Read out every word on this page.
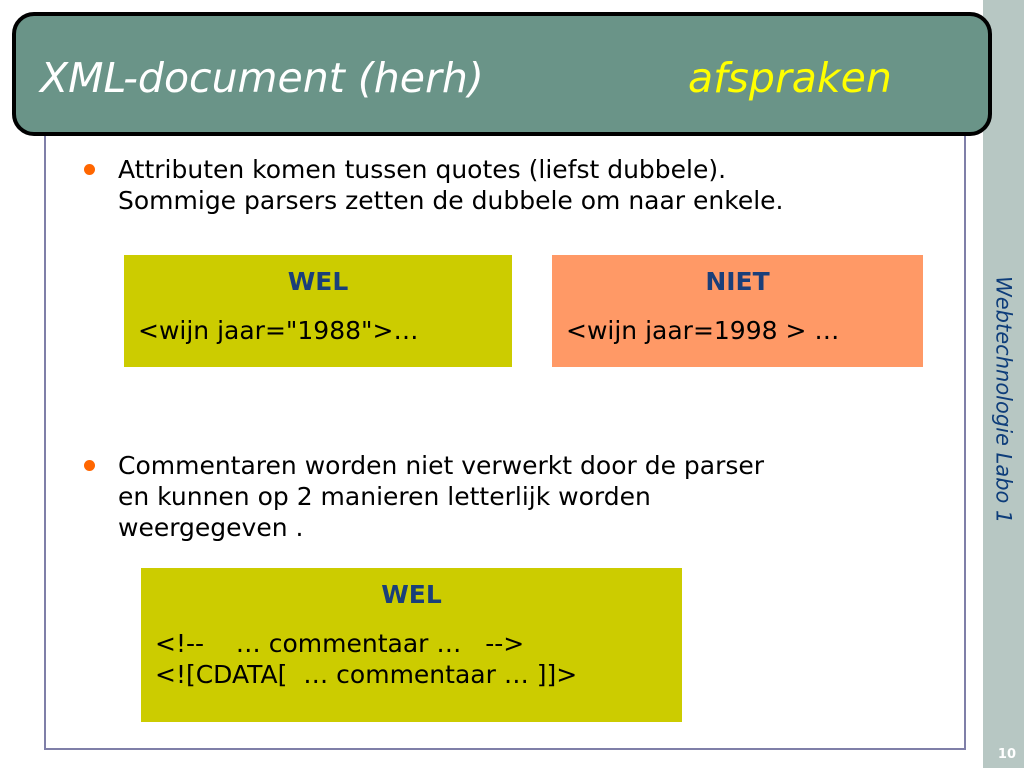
Webtechnologie Labo 1
10
XML-document (herh)	afspraken
Attributen komen tussen quotes (liefst dubbele).
Sommige parsers zetten de dubbele om naar enkele.
WEL
<wijn jaar="1988">…
NIET
<wijn jaar=1998 > …
Commentaren worden niet verwerkt door de parser
en kunnen op 2 manieren letterlijk worden
weergegeven .
WEL
<!--    … commentaar …   -->
<![CDATA[  … commentaar … ]]>
